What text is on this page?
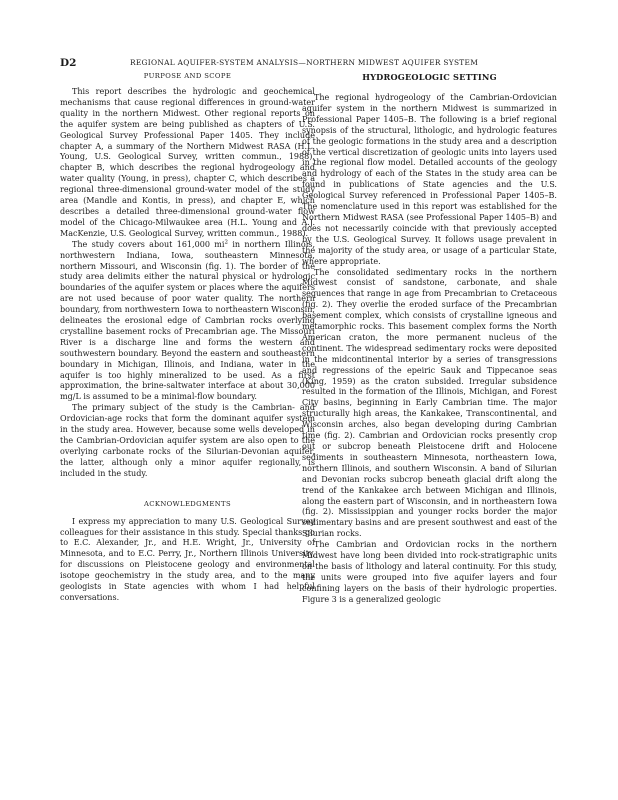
D2	REGIONAL AQUIFER-SYSTEM ANALYSIS—NORTHERN MIDWEST AQUIFER SYSTEM
PURPOSE AND SCOPE

This report describes the hydrologic and geochemical mechanisms that cause regional differences in ground-water quality in the northern Midwest. Other regional reports on the aquifer system are being published as chapters of U.S. Geological Survey Professional Paper 1405. They include chapter A, a summary of the Northern Midwest RASA (H.L. Young, U.S. Geological Survey, written commun., 1988), chapter B, which describes the regional hydrogeology and water quality (Young, in press), chapter C, which describes a regional three-dimensional ground-water model of the study area (Mandle and Kontis, in press), and chapter E, which describes a detailed three-dimensional ground-water flow model of the Chicago-Milwaukee area (H.L. Young and A.J. MacKenzie, U.S. Geological Survey, written commun., 1988).

The study covers about 161,000 $mi^2$ in northern Illinois, northwestern Indiana, Iowa, southeastern Minnesota, northern Missouri, and Wisconsin (fig. 1). The border of the study area delimits either the natural physical or hydrologic boundaries of the aquifer system or places where the aquifers are not used because of poor water quality. The northern boundary, from northwestern Iowa to northeastern Wisconsin, delineates the erosional edge of Cambrian rocks overlying crystalline basement rocks of Precambrian age. The Missouri River is a discharge line and forms the western and southwestern boundary. Beyond the eastern and southeastern boundary in Michigan, Illinois, and Indiana, water in the aquifer is too highly mineralized to be used. As a first approximation, the brine-saltwater interface at about 30,000 mg/L is assumed to be a minimal-flow boundary.

The primary subject of the study is the Cambrian- and Ordovician-age rocks that form the dominant aquifer system in the study area. However, because some wells developed in the Cambrian-Ordovician aquifer system are also open to the overlying carbonate rocks of the Silurian-Devonian aquifer, the latter, although only a minor aquifer regionally, is included in the study.

ACKNOWLEDGMENTS

I express my appreciation to many U.S. Geological Survey colleagues for their assistance in this study. Special thanks go to E.C. Alexander, Jr., and H.E. Wright, Jr., University of Minnesota, and to E.C. Perry, Jr., Northern Illinois University, for discussions on Pleistocene geology and environmental isotope geochemistry in the study area, and to the many geologists in State agencies with whom I had helpful conversations.

HYDROGEOLOGIC SETTING

The regional hydrogeology of the Cambrian-Ordovician aquifer system in the northern Midwest is summarized in Professional Paper 1405–B. The following is a brief regional synopsis of the structural, lithologic, and hydrologic features of the geologic formations in the study area and a description of the vertical discretization of geologic units into layers used in the regional flow model. Detailed accounts of the geology and hydrology of each of the States in the study area can be found in publications of State agencies and the U.S. Geological Survey referenced in Professional Paper 1405–B. The nomenclature used in this report was established for the Northern Midwest RASA (see Professional Paper 1405–B) and does not necessarily coincide with that previously accepted by the U.S. Geological Survey. It follows usage prevalent in the majority of the study area, or usage of a particular State, where appropriate.

The consolidated sedimentary rocks in the northern Midwest consist of sandstone, carbonate, and shale sequences that range in age from Precambrian to Cretaceous (fig. 2). They overlie the eroded surface of the Precambrian basement complex, which consists of crystalline igneous and metamorphic rocks. This basement complex forms the North American craton, the more permanent nucleus of the continent. The widespread sedimentary rocks were deposited in the midcontinental interior by a series of transgressions and regressions of the epeiric Sauk and Tippecanoe seas (King, 1959) as the craton subsided. Irregular subsidence resulted in the formation of the Illinois, Michigan, and Forest City basins, beginning in Early Cambrian time. The major structurally high areas, the Kankakee, Transcontinental, and Wisconsin arches, also began developing during Cambrian time (fig. 2). Cambrian and Ordovician rocks presently crop out or subcrop beneath Pleistocene drift and Holocene sediments in southeastern Minnesota, northeastern Iowa, northern Illinois, and southern Wisconsin. A band of Silurian and Devonian rocks subcrop beneath glacial drift along the trend of the Kankakee arch between Michigan and Illinois, along the eastern part of Wisconsin, and in northeastern Iowa (fig. 2). Mississippian and younger rocks border the major sedimentary basins and are present southwest and east of the Silurian rocks.

The Cambrian and Ordovician rocks in the northern Midwest have long been divided into rock-stratigraphic units on the basis of lithology and lateral continuity. For this study, the units were grouped into five aquifer layers and four confining layers on the basis of their hydrologic properties. Figure 3 is a generalized geologic
